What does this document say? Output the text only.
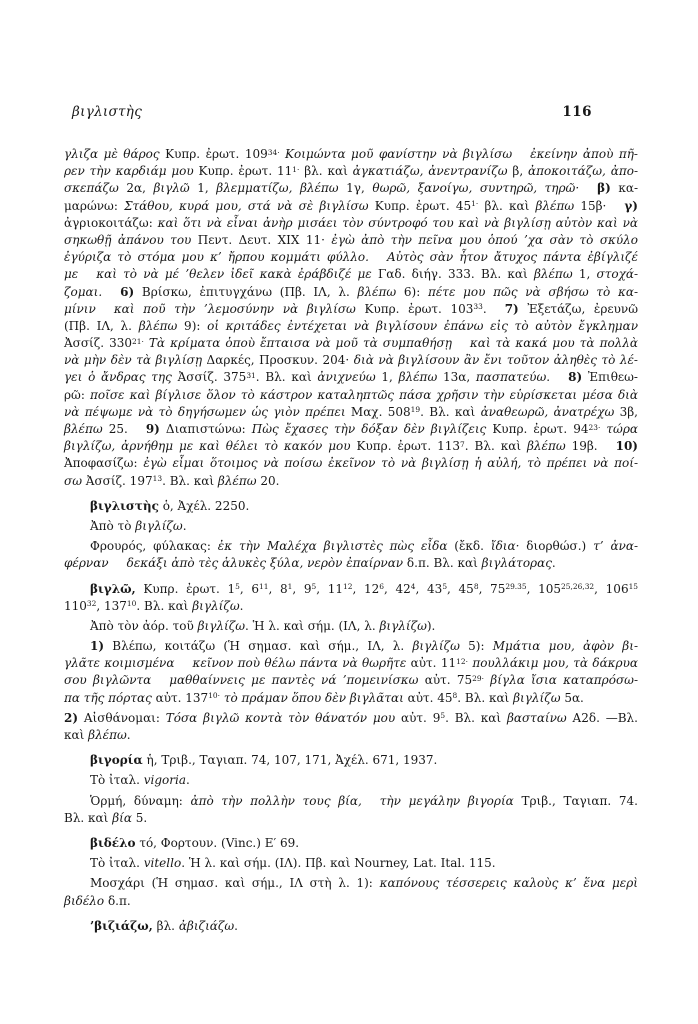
βιγλιστὴς	116
γλιζα μὲ θάρος Κυπρ. ἐρωτ. $109^{34\cdot}$ Κοιμώντα μοῦ φανίστην νὰ βιγλίσω ἐκείνην ἀποὺ πῆ-
ρεν τὴν καρδιάμ μου Κυπρ. ἐρωτ. $11^{1\cdot}$ βλ. καὶ ἀγκατιάζω, ἀνεντρανίζω β, ἀποκοιτάζω, ἀπο-
σκεπάζω 2α, βιγλῶ 1, βλεμματίζω, βλέπω 1γ, θωρῶ, ξανοίγω, συντηρῶ, τηρῶ· β) κα-
μαρώνω: Στάθου, κυρά μου, στά νὰ σὲ βιγλίσω Κυπρ. ἐρωτ. $45^{1\cdot}$ βλ. καὶ βλέπω 15β· γ)
ἀγριοκοιτάζω: καὶ ὅτι νὰ εἶναι ἀνὴρ μισάει τὸν σύντροφό του καὶ νὰ βιγλίσῃ αὐτὸν καὶ νὰ
σηκωθῇ ἀπάνου του Πεντ. Δευτ. XIX 11· ἐγὼ ἀπὸ τὴν πεῖνα μου ὁπού ’χα σὰν τὸ σκύλο
ἐγύριζα τὸ στόμα μου κ’ ἤρπου κομμάτι φύλλο. Αὐτὸς σὰν ἦτον ἄτυχος πάντα ἐβίγλιζέ
με καὶ τὸ νὰ μέ ’θελεν ἰδεῖ κακὰ ἐράβδιζέ με Γαδ. διήγ. 333. Βλ. καὶ βλέπω 1, στοχά-
ζομαι. 6) Βρίσκω, ἐπιτυγχάνω (Πβ. ΙΛ, λ. βλέπω 6): πέτε μου πῶς νὰ σβήσω τὸ κα-
μίνιν καὶ ποῦ τὴν ’λεμοσύνην νὰ βιγλίσω Κυπρ. ἐρωτ. $103^{33}$. 7) Ἐξετάζω, ἐρευνῶ
(Πβ. ΙΛ, λ. βλέπω 9): οἱ κριτάδες ἐντέχεται νὰ βιγλίσουν ἐπάνω εἰς τὸ αὐτὸν ἔγκλημαν
Ἀσσίζ. $330^{21\cdot}$ Τὰ κρίματα ὁποὺ ἔπταισα νὰ μοῦ τὰ συμπαθήσῃ καὶ τὰ κακά μου τὰ πολλὰ
νὰ μὴν δὲν τὰ βιγλίσῃ Δαρκές, Προσκυν. 204· διὰ νὰ βιγλίσουν ἂν ἔνι τοῦτον ἀληθὲς τὸ λέ-
γει ὁ ἄνδρας της Ἀσσίζ. $375^{31}$. Βλ. καὶ ἀνιχνεύω 1, βλέπω 13α, πασπατεύω. 8) Ἐπιθεω-
ρῶ: ποῖσε καὶ βίγλισε ὅλον τὸ κάστρον καταληπτῶς πάσα χρῆσιν τὴν εὑρίσκεται μέσα διὰ
νὰ πέψωμε νὰ τὸ δηγήσωμεν ὡς γιὸν πρέπει Μαχ. $508^{19}$. Βλ. καὶ ἀναθεωρῶ, ἀνατρέχω 3β,
βλέπω 25. 9) Διαπιστώνω: Πὼς ἔχασες τὴν δόξαν δὲν βιγλίζεις Κυπρ. ἐρωτ. $94^{23\cdot}$ τώρα
βιγλίζω, ἀρνήθημ με καὶ θέλει τὸ κακόν μου Κυπρ. ἐρωτ. $113^7$. Βλ. καὶ βλέπω 19β. 10)
Ἀποφασίζω: ἐγὼ εἶμαι ὅτοιμος νὰ ποίσω ἐκεῖνον τὸ νὰ βιγλίσῃ ἡ αὐλή, τὸ πρέπει νὰ ποί-
σω Ἀσσίζ. $197^{13}$. Βλ. καὶ βλέπω 20.
βιγλιστὴς ὁ, Ἀχέλ. 2250.
Ἀπὸ τὸ βιγλίζω.
Φρουρός, φύλακας: ἐκ τὴν Μαλέχα βιγλιστὲς πὼς εἶδα (ἔκδ. ἴδια· διορθώσ.) τ’ ἀνα-
φέρναν δεκάξι ἀπὸ τὲς ἁλυκὲς ξύλα, νερὸν ἐπαίρναν δ.π. Βλ. καὶ βιγλάτορας.
βιγλῶ, Κυπρ. ἐρωτ. $1^5$, $6^{11}$, $8^1$, $9^5$, $11^{12}$, $12^6$, $42^4$, $43^5$, $45^8$, $75^{29.35}$, 105$^{25,26,32}$, $106^{15}$
$110^{32}$, $137^{10}$. Βλ. καὶ βιγλίζω.
Ἀπὸ τὸν ἀόρ. τοῦ βιγλίζω. Ἡ λ. καὶ σήμ. (ΙΛ, λ. βιγλίζω).
1) Βλέπω, κοιτάζω (Ἡ σημασ. καὶ σήμ., ΙΛ, λ. βιγλίζω 5): Μμάτια μου, ἀφὸν βι-
γλᾶτε κοιμισμένα κεῖνον ποὺ θέλω πάντα νὰ θωρῆτε αὐτ. $11^{12\cdot}$ πουλλάκιμ μου, τὰ δάκρυα
σου βιγλῶντα μαθθαίννεις με παντὲς νά ’πομεινίσκω αὐτ. $75^{29\cdot}$ βίγλα ἴσια καταπρόσω-
πα τῆς πόρτας αὐτ. $137^{10\cdot}$ τὸ πράμαν ὅπου δὲν βιγλᾶται αὐτ. $45^8$. Βλ. καὶ βιγλίζω 5α.
2) Αἰσθάνομαι: Τόσα βιγλῶ κοντὰ τὸν θάνατόν μου αὐτ. $9^5$. Βλ. καὶ βασταίνω Α2δ. —Βλ.
καὶ βλέπω.
βιγορία ἡ, Τριβ., Ταγιαπ. 74, 107, 171, Ἀχέλ. 671, 1937.
Τὸ ἰταλ. vigoria.
Ὁρμή, δύναμη: ἀπὸ τὴν πολλὴν τους βία, τὴν μεγάλην βιγορία Τριβ., Ταγιαπ. 74.
Βλ. καὶ βία 5.
βιδέλο τό, Φορτουν. (Vinc.) Ε′ 69.
Τὸ ἰταλ. vitello. Ἡ λ. καὶ σήμ. (ΙΛ). Πβ. καὶ Nourney, Lat. Ital. 115.
Μοσχάρι (Ἡ σημασ. καὶ σήμ., ΙΛ στὴ λ. 1): καπόνους τέσσερεις καλοὺς κ’ ἕνα μερὶ
βιδέλο δ.π.
’βιζιάζω, βλ. ἀβιζιάζω.
